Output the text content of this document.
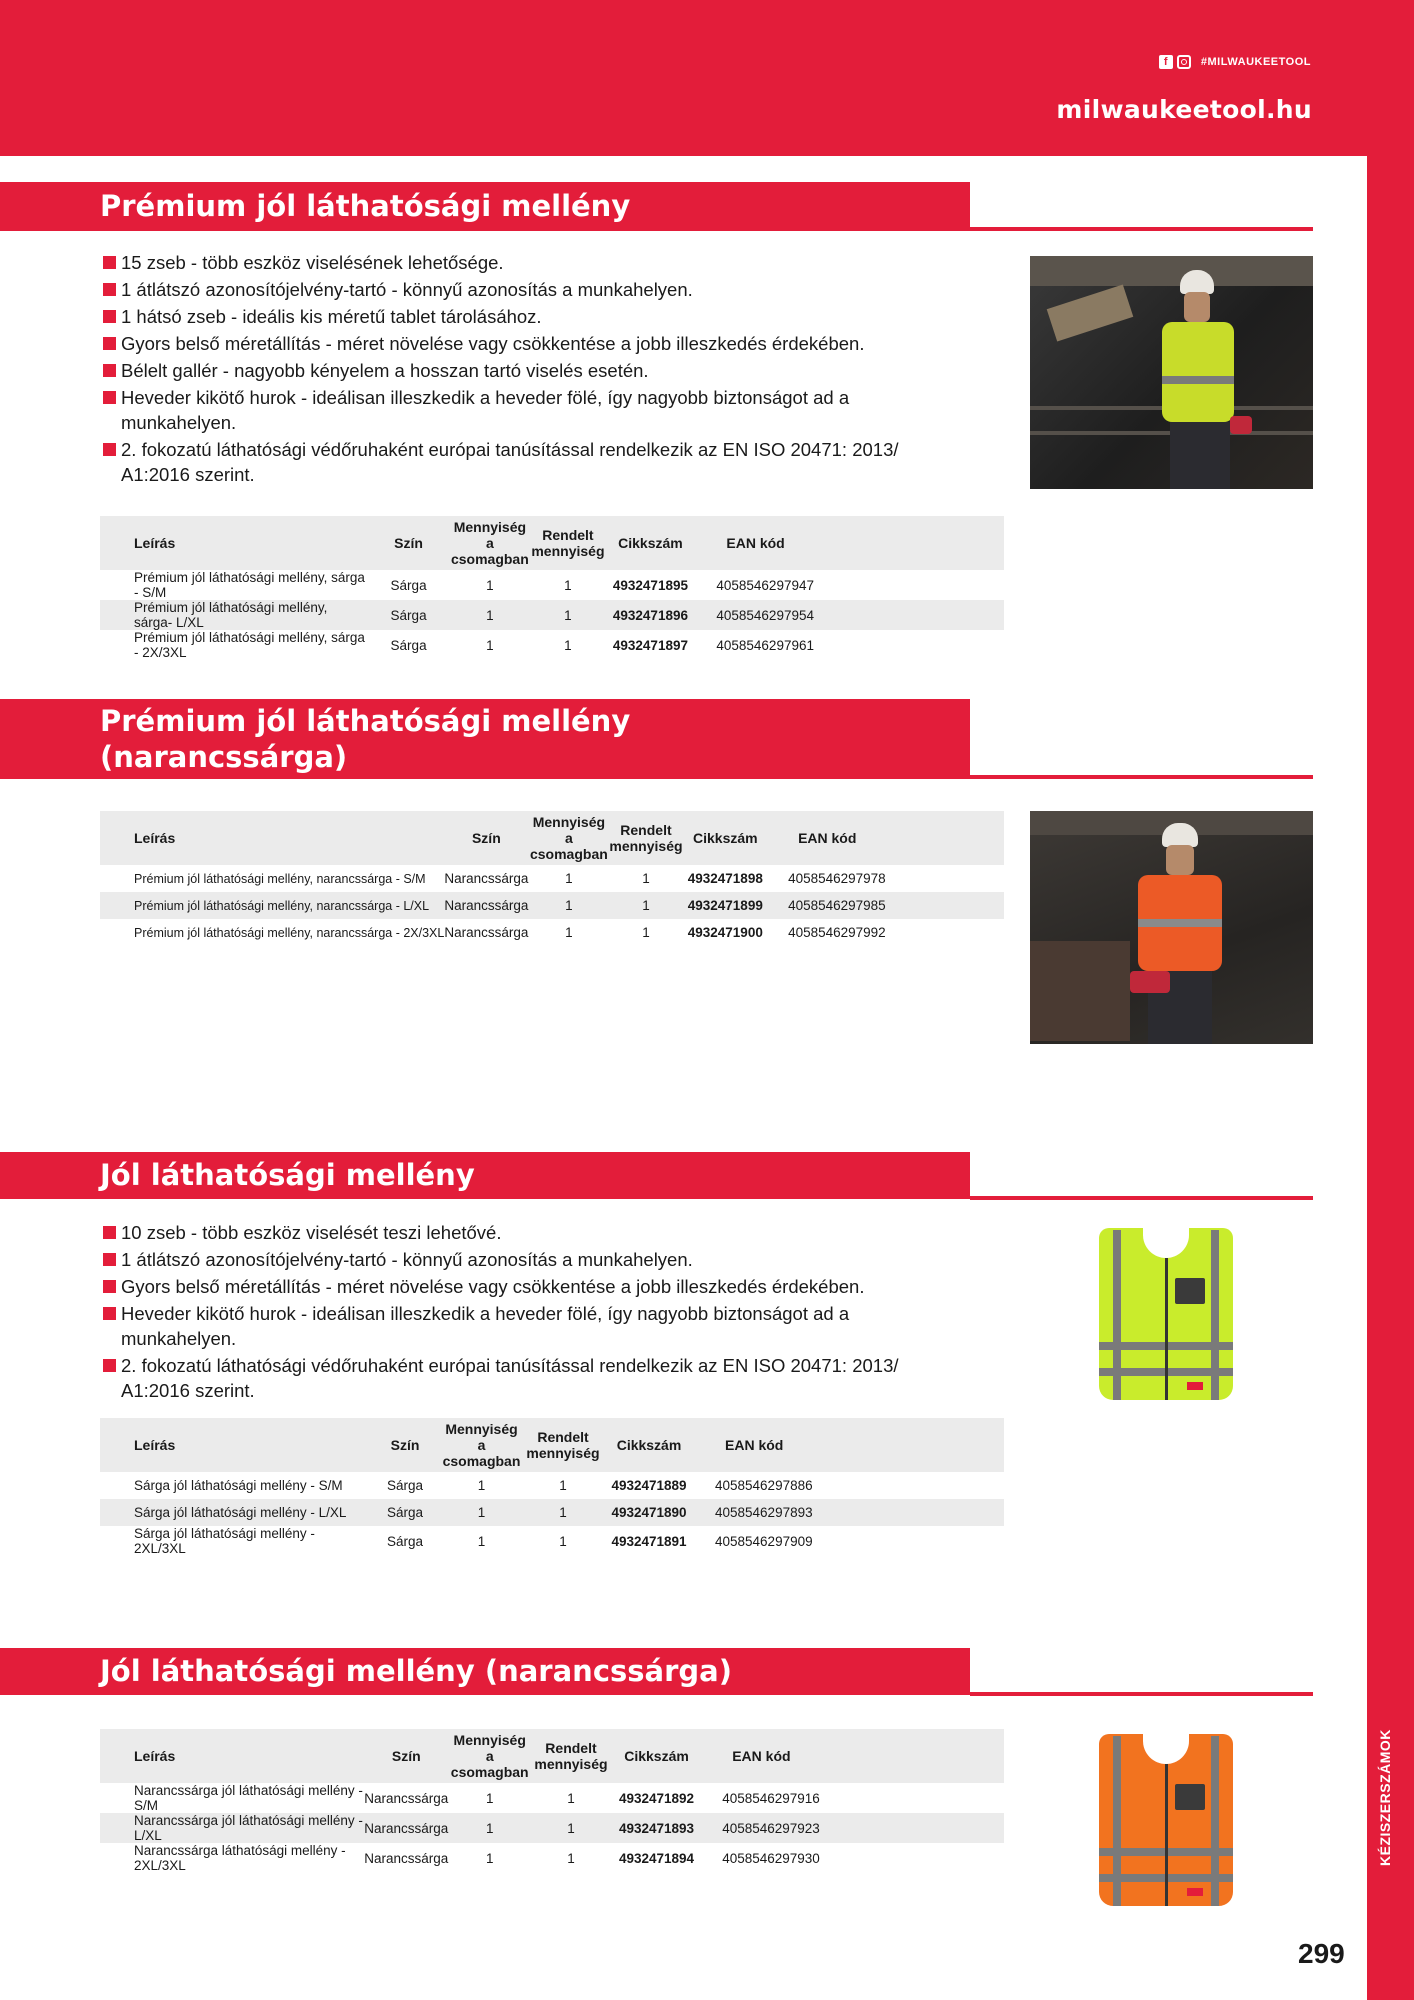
f	#MILWAUKEETOOL
milwaukeetool.hu
Prémium jól láthatósági mellény
15 zseb - több eszköz viselésének lehetősége.
1 átlátszó azonosítójelvény-tartó - könnyű azonosítás a munkahelyen.
1 hátsó zseb - ideális kis méretű tablet tárolásához.
Gyors belső méretállítás - méret növelése vagy csökkentése a jobb illeszkedés érdekében.
Bélelt gallér - nagyobb kényelem a hosszan tartó viselés esetén.
Heveder kikötő hurok - ideálisan illeszkedik a heveder fölé, így nagyobb biztonságot ad a munkahelyen.
2. fokozatú láthatósági védőruhaként európai tanúsítással rendelkezik az EN ISO 20471: 2013/ A1:2016 szerint.
Leírás	Szín	Mennyiség a csomagban	Rendelt mennyiség	Cikkszám	EAN kód
Prémium jól láthatósági mellény, sárga - S/M	Sárga	1	1	4932471895	4058546297947
Prémium jól láthatósági mellény, sárga- L/XL	Sárga	1	1	4932471896	4058546297954
Prémium jól láthatósági mellény, sárga - 2X/3XL	Sárga	1	1	4932471897	4058546297961
Prémium jól láthatósági mellény
(narancssárga)
Leírás	Szín	Mennyiség a csomagban	Rendelt mennyiség	Cikkszám	EAN kód
Prémium jól láthatósági mellény, narancssárga - S/M	Narancssárga	1	1	4932471898	4058546297978
Prémium jól láthatósági mellény, narancssárga - L/XL	Narancssárga	1	1	4932471899	4058546297985
Prémium jól láthatósági mellény, narancssárga - 2X/3XL	Narancssárga	1	1	4932471900	4058546297992
Jól láthatósági mellény
10 zseb - több eszköz viselését teszi lehetővé.
1 átlátszó azonosítójelvény-tartó - könnyű azonosítás a munkahelyen.
Gyors belső méretállítás - méret növelése vagy csökkentése a jobb illeszkedés érdekében.
Heveder kikötő hurok - ideálisan illeszkedik a heveder fölé, így nagyobb biztonságot ad a munkahelyen.
2. fokozatú láthatósági védőruhaként európai tanúsítással rendelkezik az EN ISO 20471: 2013/ A1:2016 szerint.
Leírás	Szín	Mennyiség a csomagban	Rendelt mennyiség	Cikkszám	EAN kód
Sárga jól láthatósági mellény - S/M	Sárga	1	1	4932471889	4058546297886
Sárga jól láthatósági mellény - L/XL	Sárga	1	1	4932471890	4058546297893
Sárga jól láthatósági mellény - 2XL/3XL	Sárga	1	1	4932471891	4058546297909
Jól láthatósági mellény (narancssárga)
Leírás	Szín	Mennyiség a csomagban	Rendelt mennyiség	Cikkszám	EAN kód
Narancssárga jól láthatósági mellény - S/M	Narancssárga	1	1	4932471892	4058546297916
Narancssárga jól láthatósági mellény - L/XL	Narancssárga	1	1	4932471893	4058546297923
Narancssárga láthatósági mellény - 2XL/3XL	Narancssárga	1	1	4932471894	4058546297930
299
